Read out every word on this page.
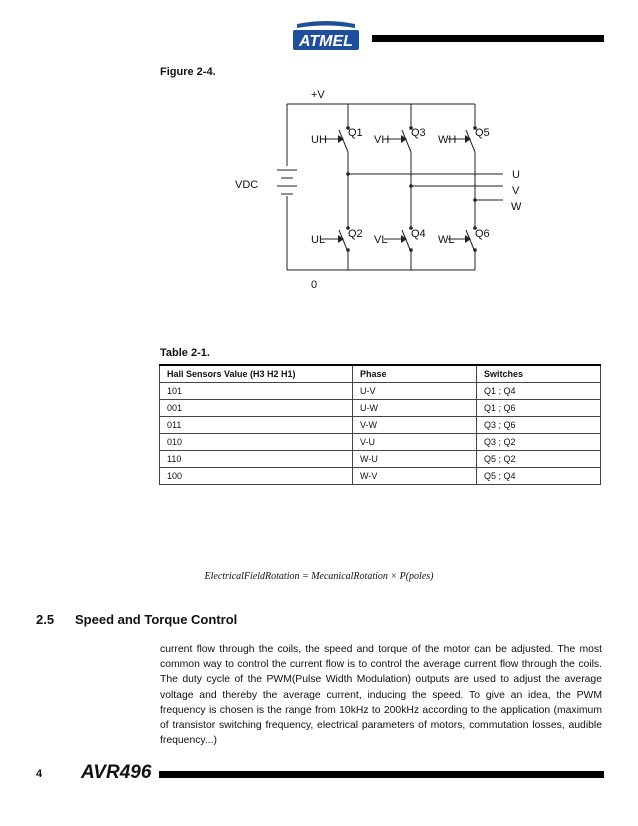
ATMEL
Figure 2-4.
+V
VDC
0
UH	VH	WH
UL	VL	WL
Q1	Q3	Q5
Q2	Q4	Q6
U
V
W
Table 2-1.
Hall Sensors Value (H3 H2 H1)	Phase	Switches
101	U-V	Q1 ; Q4
001	U-W	Q1 ; Q6
011	V-W	Q3 ; Q6
010	V-U	Q3 ; Q2
110	W-U	Q5 ; Q2
100	W-V	Q5 ; Q4
ElectricalFieldRotation = MecanicalRotation × P(poles)
2.5 Speed and Torque Control

current flow through the coils, the speed and torque of the motor can be adjusted. The most common way to control the current flow is to control the average current flow through the coils. The duty cycle of the PWM(Pulse Width Modulation) outputs are used to adjust the average voltage and thereby the average current, inducing the speed. To give an idea, the PWM frequency is chosen is the range from 10kHz to 200kHz according to the application (maximum of transistor switching frequency, electrical parameters of motors, commutation losses, audible frequency...)

4 AVR496
